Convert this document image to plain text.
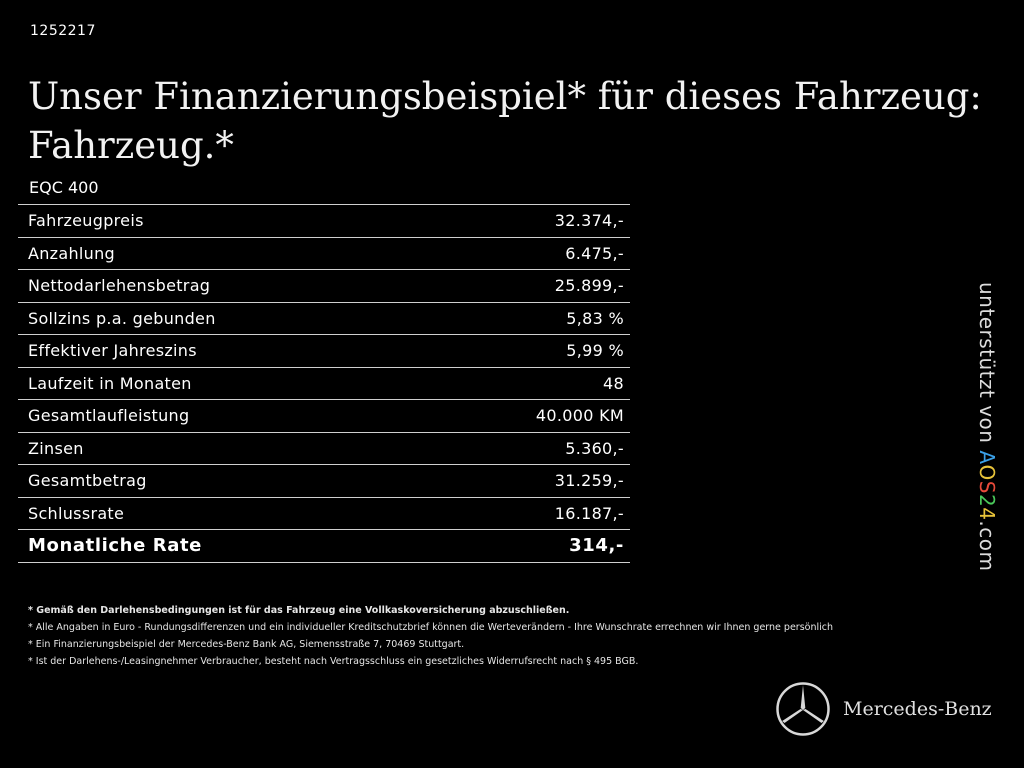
1252217
Unser Finanzierungsbeispiel* für dieses Fahrzeug: Fahrzeug.*
EQC 400
Fahrzeugpreis	32.374,-
Anzahlung	6.475,-
Nettodarlehensbetrag	25.899,-
Sollzins p.a. gebunden	5,83 %
Effektiver Jahreszins	5,99 %
Laufzeit in Monaten	48
Gesamtlaufleistung	40.000 KM
Zinsen	5.360,-
Gesamtbetrag	31.259,-
Schlussrate	16.187,-
Monatliche Rate	314,-
* Gemäß den Darlehensbedingungen ist für das Fahrzeug eine Vollkaskoversicherung abzuschließen.
* Alle Angaben in Euro - Rundungsdifferenzen und ein individueller Kreditschutzbrief können die Werteverändern - Ihre Wunschrate errechnen wir Ihnen gerne persönlich
* Ein Finanzierungsbeispiel der Mercedes-Benz Bank AG, Siemensstraße 7, 70469 Stuttgart.
* Ist der Darlehens-/Leasingnehmer Verbraucher, besteht nach Vertragsschluss ein gesetzliches Widerrufsrecht nach § 495 BGB.
unterstützt von AOS24.com
Mercedes-Benz
